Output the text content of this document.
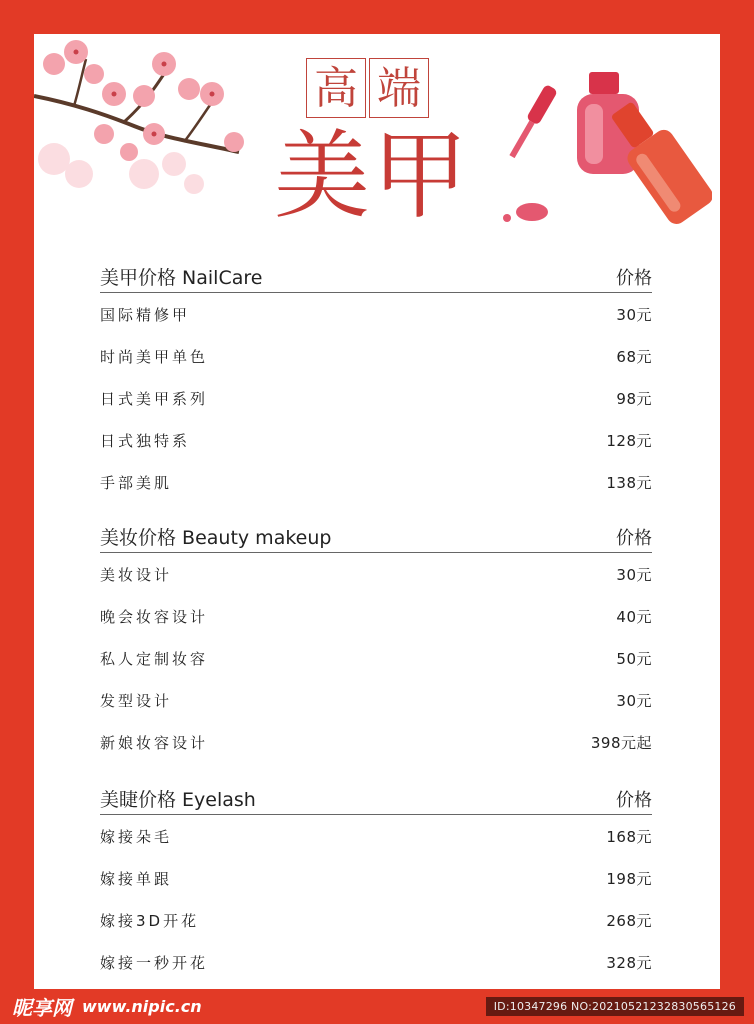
高 端
美甲
美甲价格 NailCare	价格
国际精修甲	30元
时尚美甲单色	68元
日式美甲系列	98元
日式独特系	128元
手部美肌	138元
美妆价格 Beauty makeup	价格
美妆设计	30元
晚会妆容设计	40元
私人定制妆容	50元
发型设计	30元
新娘妆容设计	398元起
美睫价格 Eyelash	价格
嫁接朵毛	168元
嫁接单跟	198元
嫁接3D开花	268元
嫁接一秒开花	328元
昵享网 www.nipic.cn	ID:10347296 NO:20210521232830565126
